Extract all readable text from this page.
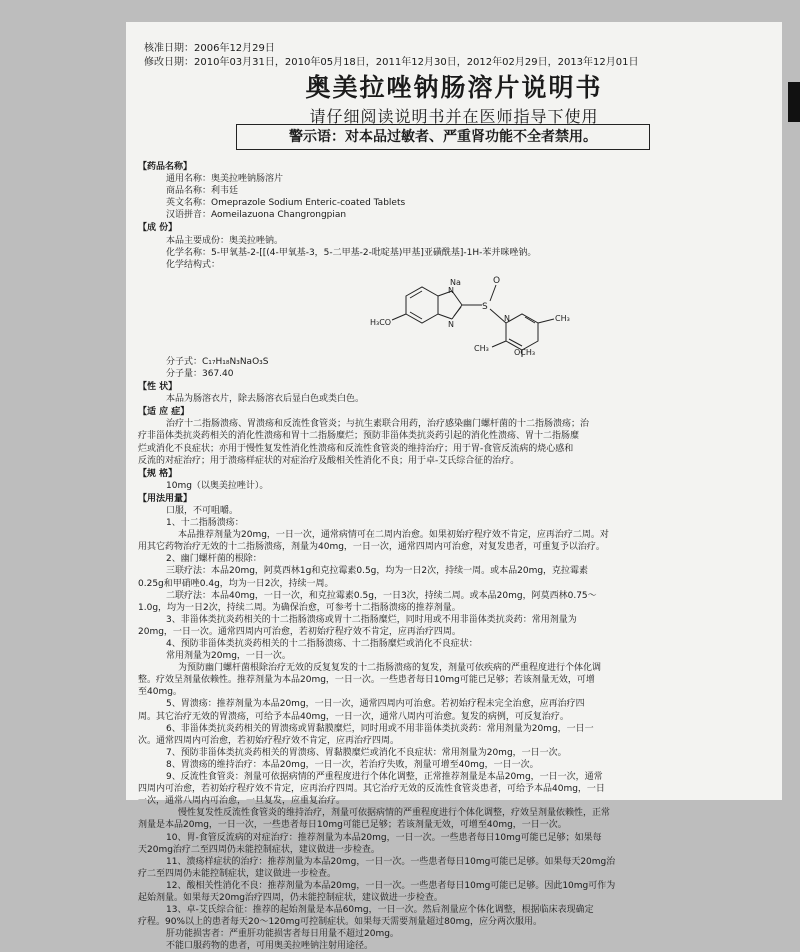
核准日期：2006年12月29日
修改日期：2010年03月31日，2010年05月18日，2011年12月30日，2012年02月29日，2013年12月01日
奥美拉唑钠肠溶片说明书
请仔细阅读说明书并在医师指导下使用
警示语：对本品过敏者、严重肾功能不全者禁用。
【药品名称】
通用名称：奥美拉唑钠肠溶片
商品名称：利韦廷
英文名称：Omeprazole Sodium Enteric-coated Tablets
汉语拼音：Aomeilazuona Changrongpian
【成 份】
本品主要成份：奥美拉唑钠。
化学名称：5-甲氧基-2-[[(4-甲氧基-3，5-二甲基-2-吡啶基)甲基]亚磺酰基]-1H-苯并咪唑钠。
化学结构式：
Na
N
N
S
O
N
H₃CO	CH₃
OCH₃
CH₃
分子式：C₁₇H₁₈N₃NaO₃S
分子量：367.40
【性 状】
本品为肠溶衣片，除去肠溶衣后显白色或类白色。
【适 应 症】
治疗十二指肠溃疡、胃溃疡和反流性食管炎；与抗生素联合用药，治疗感染幽门螺杆菌的十二指肠溃疡；治
疗非甾体类抗炎药相关的消化性溃疡和胃十二指肠糜烂；预防非甾体类抗炎药引起的消化性溃疡、胃十二指肠糜
烂或消化不良症状；亦用于慢性复发性消化性溃疡和反流性食管炎的维持治疗；用于胃-食管反流病的烧心感和
反流的对症治疗；用于溃疡样症状的对症治疗及酸相关性消化不良；用于卓-艾氏综合征的治疗。
【规 格】
10mg（以奥美拉唑计）。
【用法用量】
口服，不可咀嚼。
1、十二指肠溃疡：
本品推荐剂量为20mg，一日一次，通常病情可在二周内治愈。如果初始疗程疗效不肯定，应再治疗二周。对
用其它药物治疗无效的十二指肠溃疡，剂量为40mg，一日一次，通常四周内可治愈，对复发患者，可重复予以治疗。
2、幽门螺杆菌的根除：
三联疗法：本品20mg，阿莫西林1g和克拉霉素0.5g，均为一日2次，持续一周。或本品20mg，克拉霉素
0.25g和甲硝唑0.4g，均为一日2次，持续一周。
二联疗法：本品40mg，一日一次，和克拉霉素0.5g，一日3次，持续二周。或本品20mg，阿莫西林0.75～
1.0g，均为一日2次，持续二周。为确保治愈，可参考十二指肠溃疡的推荐剂量。
3、非甾体类抗炎药相关的十二指肠溃疡或胃十二指肠糜烂，同时用或不用非甾体类抗炎药：常用剂量为
20mg，一日一次。通常四周内可治愈，若初始疗程疗效不肯定，应再治疗四周。
4、预防非甾体类抗炎药相关的十二指肠溃疡、十二指肠糜烂或消化不良症状：
常用剂量为20mg，一日一次。
为预防幽门螺杆菌根除治疗无效的反复复发的十二指肠溃疡的复发，剂量可依疾病的严重程度进行个体化调
整。疗效呈剂量依赖性。推荐剂量为本品20mg，一日一次。一些患者每日10mg可能已足够；若该剂量无效，可增
至40mg。
5、胃溃疡：推荐剂量为本品20mg，一日一次，通常四周内可治愈。若初始疗程未完全治愈，应再治疗四
周。其它治疗无效的胃溃疡，可给予本品40mg，一日一次，通常八周内可治愈。复发的病例，可反复治疗。
6、非甾体类抗炎药相关的胃溃疡或胃黏膜糜烂，同时用或不用非甾体类抗炎药：常用剂量为20mg，一日一
次。通常四周内可治愈，若初始疗程疗效不肯定，应再治疗四周。
7、预防非甾体类抗炎药相关的胃溃疡、胃黏膜糜烂或消化不良症状：常用剂量为20mg，一日一次。
8、胃溃疡的维持治疗：本品20mg，一日一次，若治疗失败，剂量可增至40mg，一日一次。
9、反流性食管炎：剂量可依据病情的严重程度进行个体化调整，正常推荐剂量是本品20mg，一日一次，通常
四周内可治愈，若初始疗程疗效不肯定，应再治疗四周。其它治疗无效的反流性食管炎患者，可给予本品40mg，一日
一次，通常八周内可治愈，一旦复发，应重复治疗。
慢性复发性反流性食管炎的维持治疗，剂量可依据病情的严重程度进行个体化调整，疗效呈剂量依赖性，正常
剂量是本品20mg，一日一次，一些患者每日10mg可能已足够；若该剂量无效，可增至40mg，一日一次。
10、胃-食管反流病的对症治疗：推荐剂量为本品20mg，一日一次。一些患者每日10mg可能已足够；如果每
天20mg治疗二至四周仍未能控制症状，建议做进一步检查。
11、溃疡样症状的治疗：推荐剂量为本品20mg，一日一次。一些患者每日10mg可能已足够。如果每天20mg治
疗二至四周仍未能控制症状，建议做进一步检查。
12、酸相关性消化不良：推荐剂量为本品20mg，一日一次。一些患者每日10mg可能已足够。因此10mg可作为
起始剂量。如果每天20mg治疗四周，仍未能控制症状，建议做进一步检查。
13、卓-艾氏综合征：推荐的起始剂量是本品60mg，一日一次。然后剂量应个体化调整，根据临床表现确定
疗程。90%以上的患者每天20～120mg可控制症状。如果每天需要剂量超过80mg，应分两次服用。
肝功能损害者：严重肝功能损害者每日用量不超过20mg。
不能口服药物的患者，可用奥美拉唑钠注射用途径。
